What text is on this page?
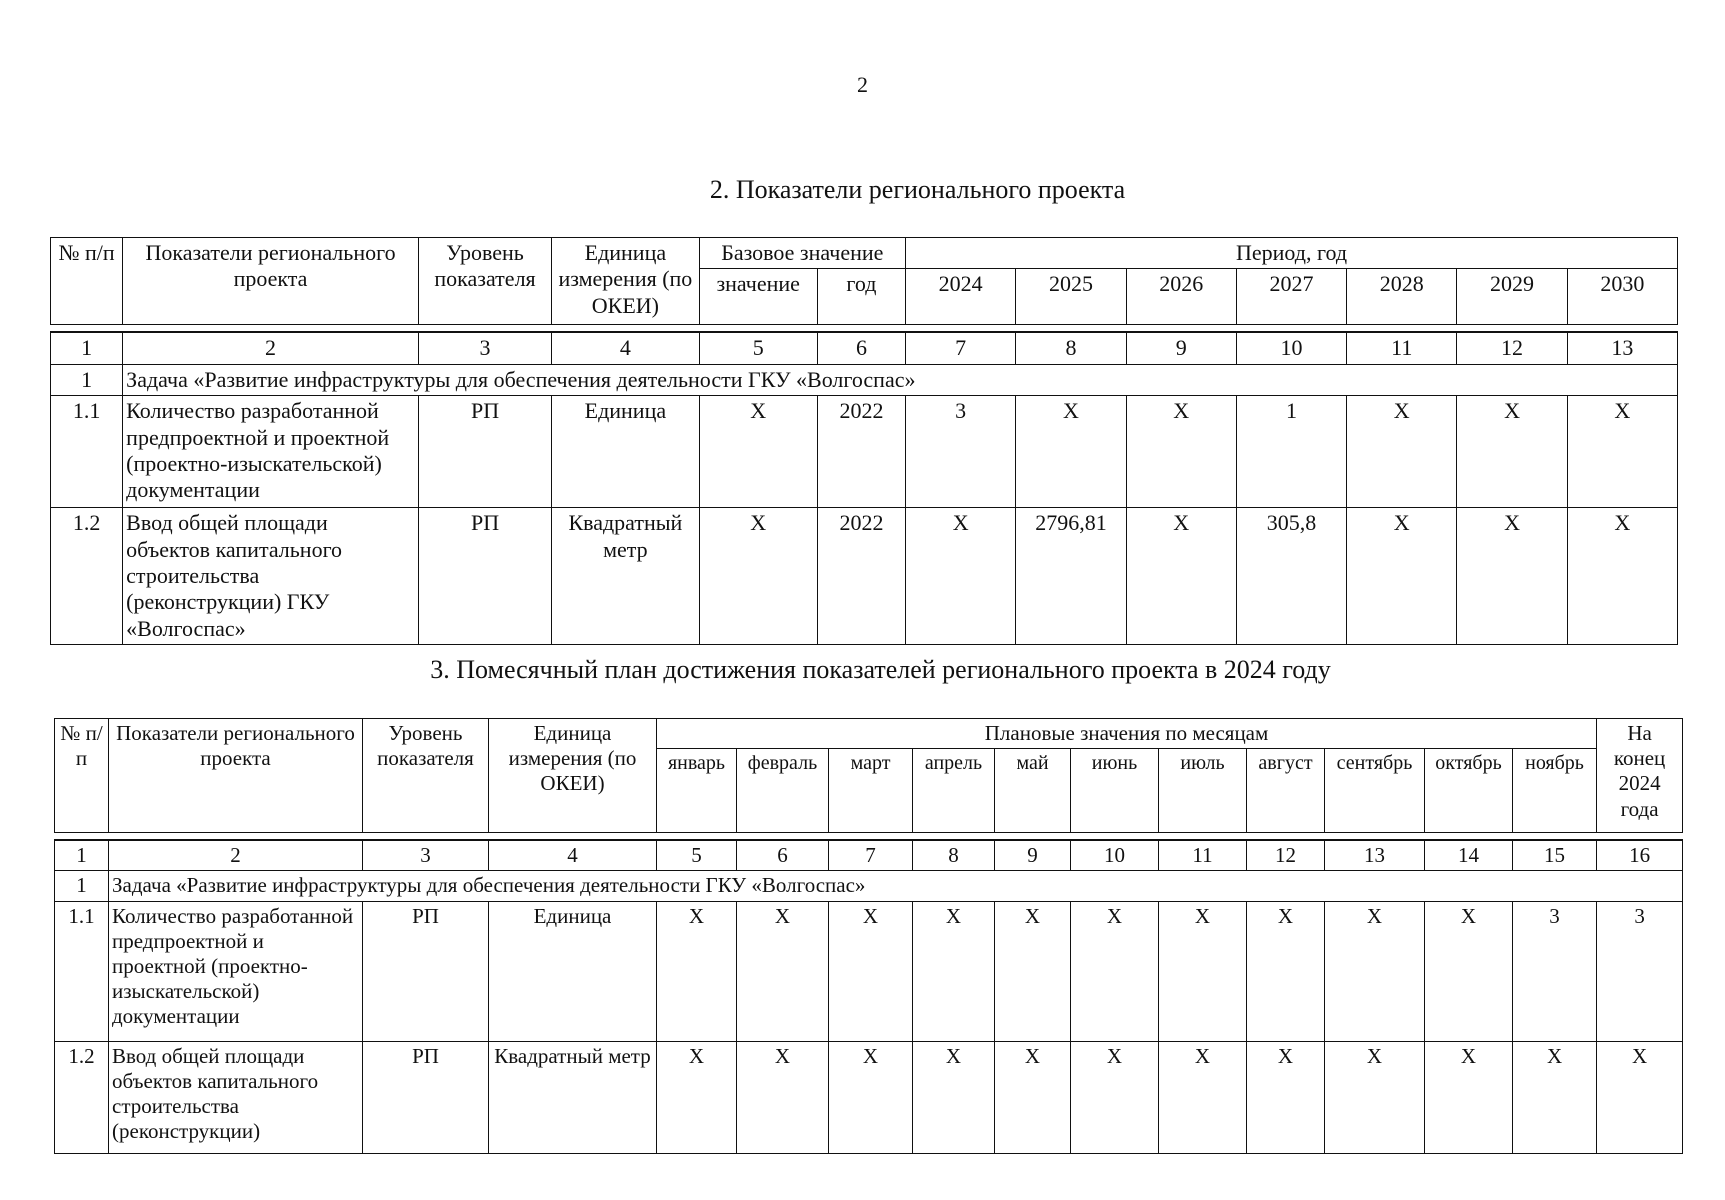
2
2. Показатели регионального проекта
№ п/п	Показатели регионального проекта	Уровень показателя	Единица измерения (по ОКЕИ)	Базовое значение		Период, год						
				значение	год	2024	2025	2026	2027	2028	2029	2030

1	2	3	4	5	6	7	8	9	10	11	12	13
1	Задача «Развитие инфраструктуры для обеспечения деятельности ГКУ «Волгоспас»											
1.1	Количество разработанной предпроектной и проектной (проектно-изыскательской) документации	РП	Единица	X	2022	3	X	X	1	X	X	X
1.2	Ввод общей площади объектов капитального строительства (реконструкции) ГКУ «Волгоспас»	РП	Квадратный метр	X	2022	X	2796,81	X	305,8	X	X	X
3. Помесячный план достижения показателей регионального проекта в 2024 году
№ п/п	Показатели регионального проекта	Уровень показателя	Единица измерения (по ОКЕИ)	Плановые значения по месяцам											На конец 2024 года
				январь	февраль	март	апрель	май	июнь	июль	август	сентябрь	октябрь	ноябрь	

1	2	3	4	5	6	7	8	9	10	11	12	13	14	15	16
1	Задача «Развитие инфраструктуры для обеспечения деятельности ГКУ «Волгоспас»														
1.1	Количество разработанной предпроектной и проектной (проектно-изыскательской) документации	РП	Единица	X	X	X	X	X	X	X	X	X	X	3	3
1.2	Ввод общей площади объектов капитального строительства (реконструкции)	РП	Квадратный метр	X	X	X	X	X	X	X	X	X	X	X	X
